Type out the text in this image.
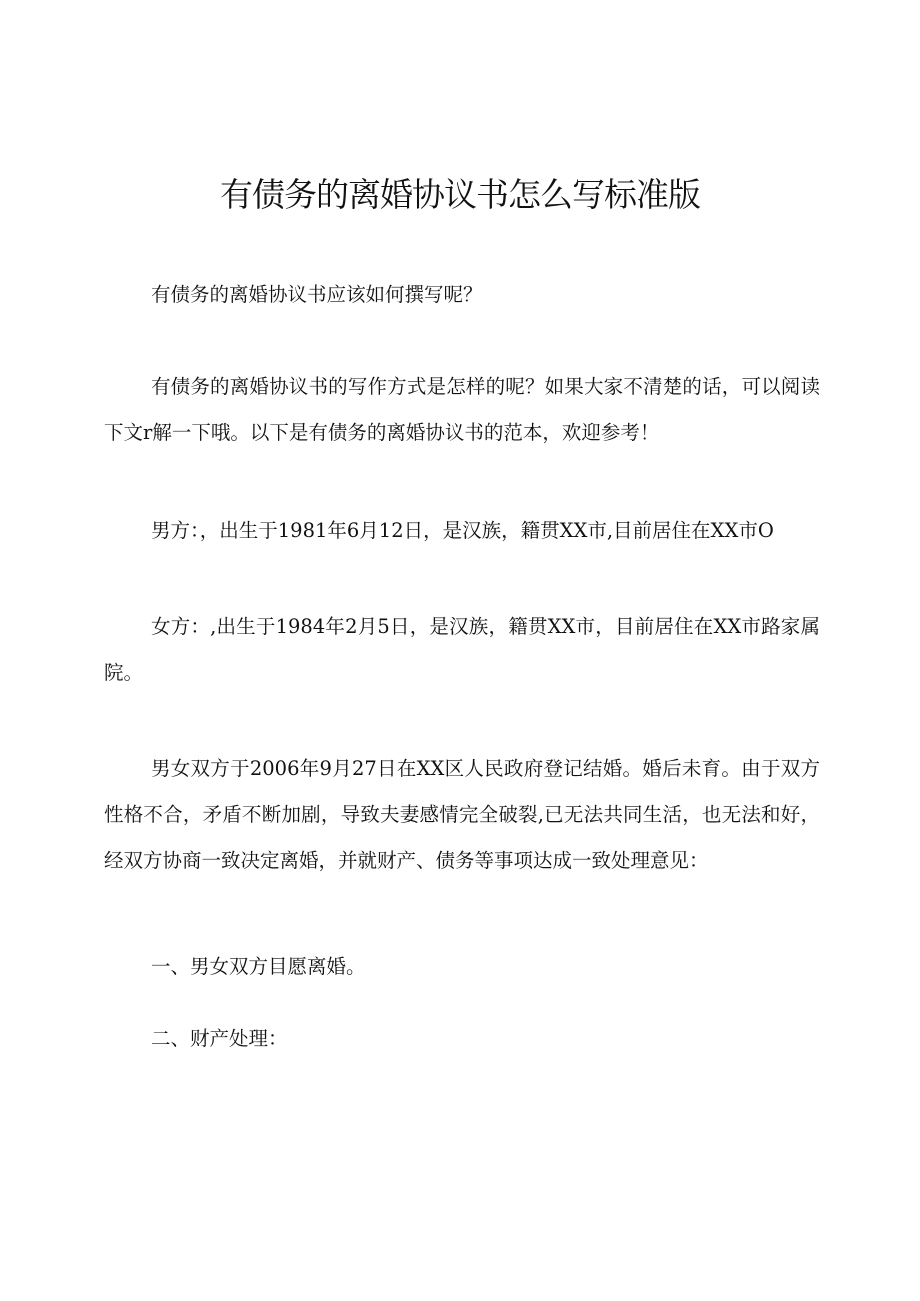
有债务的离婚协议书怎么写标准版

有债务的离婚协议书应该如何撰写呢？

有债务的离婚协议书的写作方式是怎样的呢？如果大家不清楚的话，可以阅读下文r解一下哦。以下是有债务的离婚协议书的范本，欢迎参考！

男方：，出生于1981年6月12日，是汉族，籍贯XX市,目前居住在XX市O

女方：,出生于1984年2月5日，是汉族，籍贯XX市，目前居住在XX市路家属院。

男女双方于2006年9月27日在XX区人民政府登记结婚。婚后未育。由于双方性格不合，矛盾不断加剧，导致夫妻感情完全破裂,已无法共同生活，也无法和好，经双方协商一致决定离婚，并就财产、债务等事项达成一致处理意见：

一、男女双方目愿离婚。

二、财产处理：
